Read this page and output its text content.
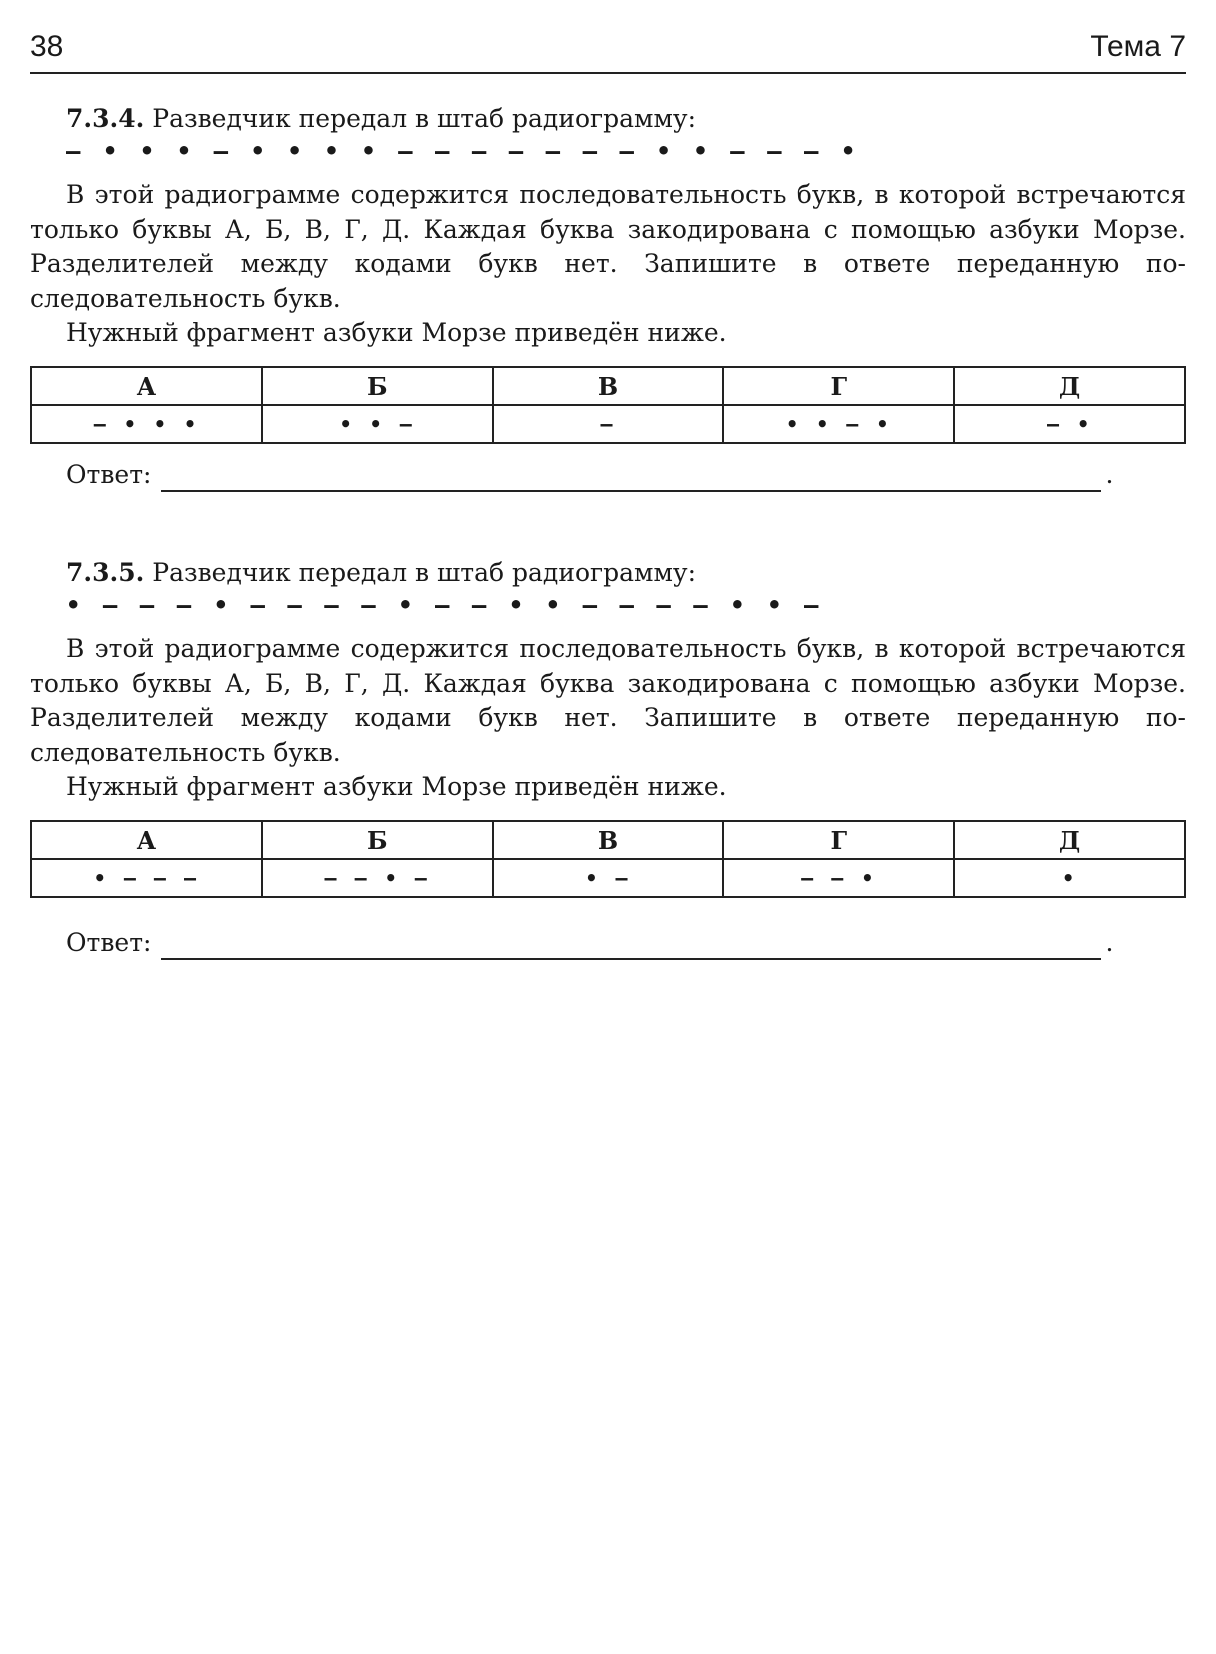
38	Тема 7

7.3.4. Разведчик передал в штаб радиограмму:

– • • • – • • • • – – – – – – – • • – – – •

В этой радиограмме содержится последовательность букв, в которой встречаются только буквы А, Б, В, Г, Д. Каждая буква закодирована с помощью азбуки Морзе. Разделителей между кодами букв нет. Запишите в ответе переданную последовательность букв.

Нужный фрагмент азбуки Морзе приведён ниже.

А	Б	В	Г	Д
– • • •	• • –	–	• • – •	– •
Ответ:	.

7.3.5. Разведчик передал в штаб радиограмму:

• – – – • – – – – • – – • • – – – – • • –

В этой радиограмме содержится последовательность букв, в которой встречаются только буквы А, Б, В, Г, Д. Каждая буква закодирована с помощью азбуки Морзе. Разделителей между кодами букв нет. Запишите в ответе переданную последовательность букв.

Нужный фрагмент азбуки Морзе приведён ниже.

А	Б	В	Г	Д
• – – –	– – • –	• –	– – •	•
Ответ:	.
